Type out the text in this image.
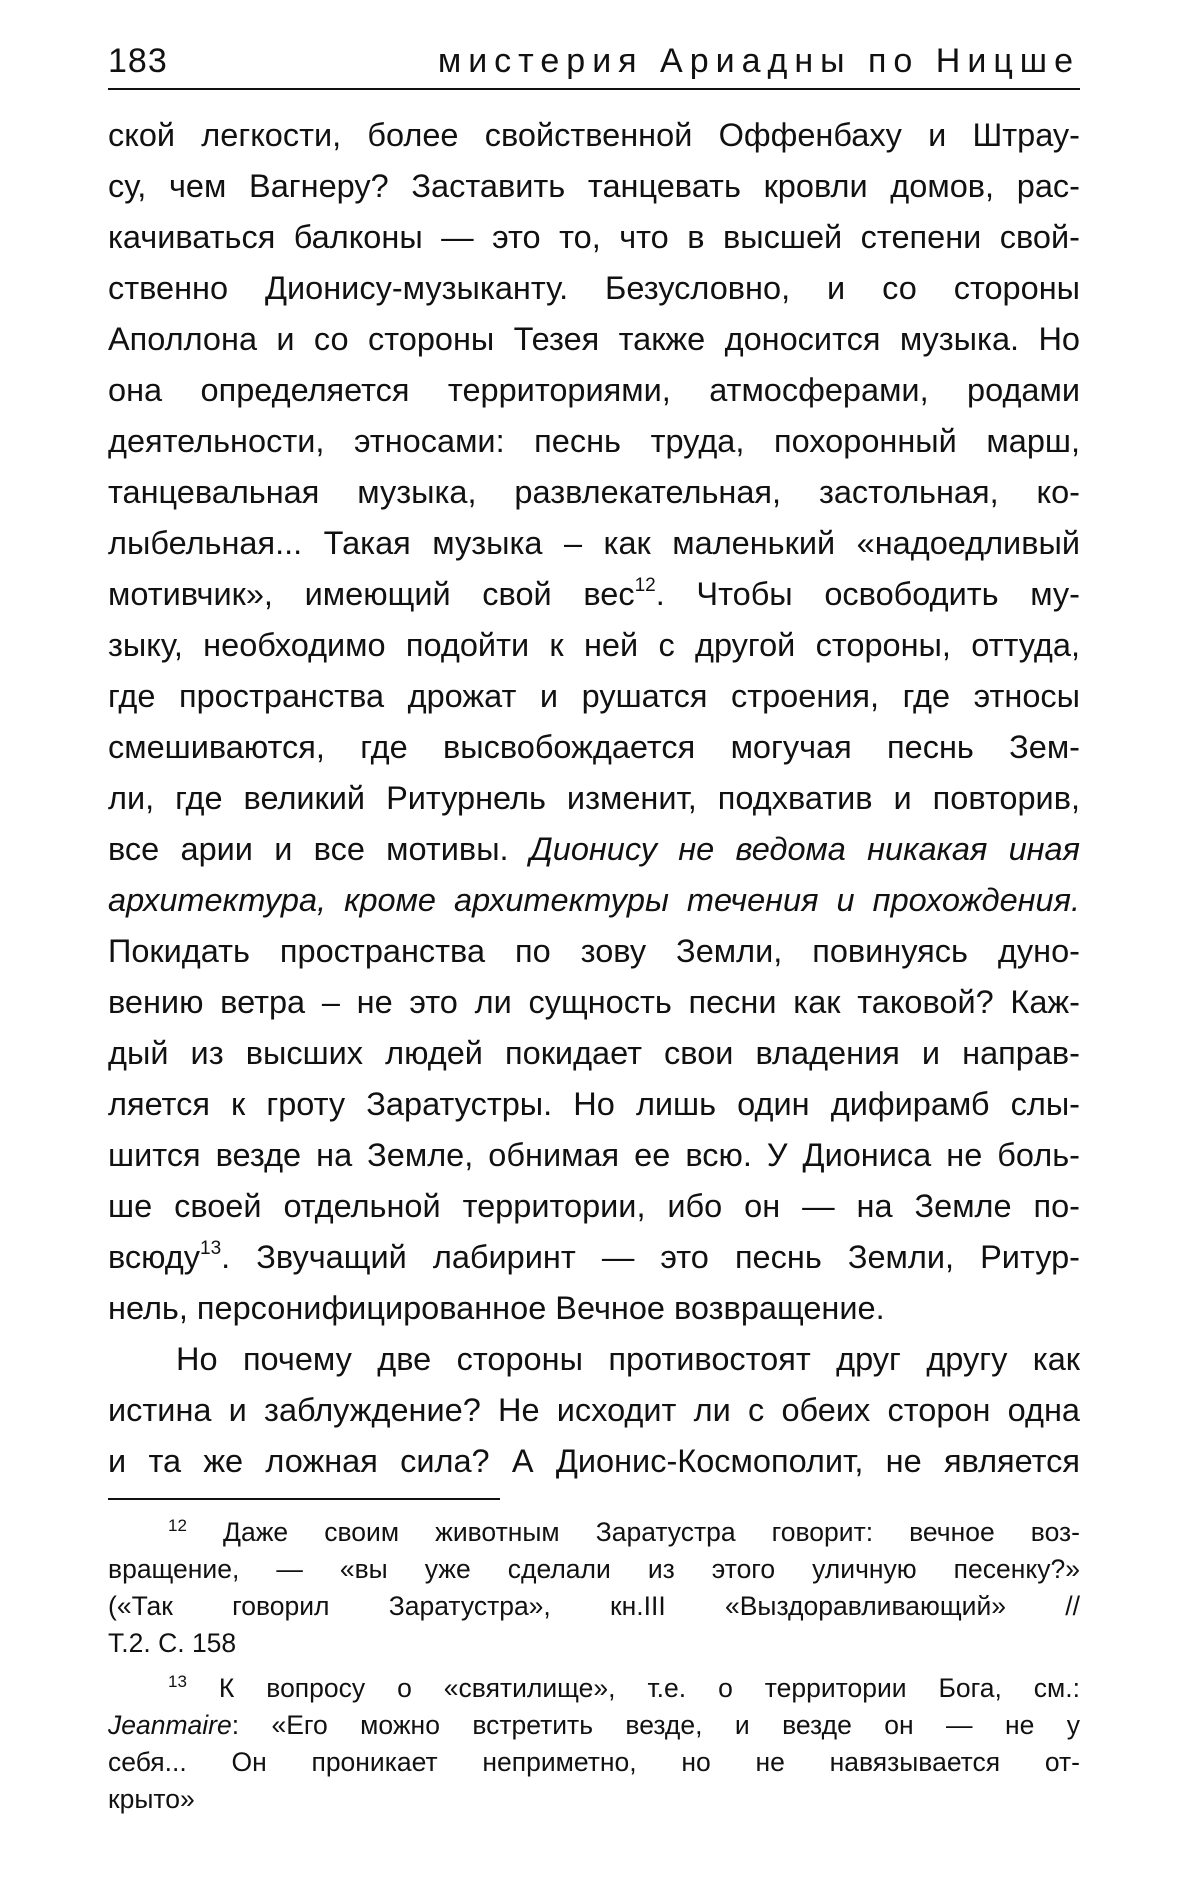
183	мистерия Ариадны по Ницше
ской легкости, более свойственной Оффенбаху и Штрау-
су, чем Вагнеру? Заставить танцевать кровли домов, рас-
качиваться балконы — это то, что в высшей степени свой-
ственно Дионису-музыканту. Безусловно, и со стороны
Аполлона и со стороны Тезея также доносится музыка. Но
она определяется территориями, атмосферами, родами
деятельности, этносами: песнь труда, похоронный марш,
танцевальная музыка, развлекательная, застольная, ко-
лыбельная... Такая музыка – как маленький «надоедливый
мотивчик», имеющий свой вес$^{12}$. Чтобы освободить му-
зыку, необходимо подойти к ней с другой стороны, оттуда,
где пространства дрожат и рушатся строения, где этносы
смешиваются, где высвобождается могучая песнь Зем-
ли, где великий Ритурнель изменит, подхватив и повторив,
все арии и все мотивы. Дионису не ведома никакая иная
архитектура, кроме архитектуры течения и прохождения.
Покидать пространства по зову Земли, повинуясь дуно-
вению ветра – не это ли сущность песни как таковой? Каж-
дый из высших людей покидает свои владения и направ-
ляется к гроту Заратустры. Но лишь один дифирамб слы-
шится везде на Земле, обнимая ее всю. У Диониса не боль-
ше своей отдельной территории, ибо он — на Земле по-
всюду$^{13}$. Звучащий лабиринт — это песнь Земли, Ритур-
нель, персонифицированное Вечное возвращение.
Но почему две стороны противостоят друг другу как
истина и заблуждение? Не исходит ли с обеих сторон одна
и та же ложная сила? А Дионис-Космополит, не является
$^{12}$ Даже своим животным Заратустра говорит: вечное воз-
вращение, — «вы уже сделали из этого уличную песенку?»
(«Так говорил Заратустра», кн.III «Выздоравливающий» //
Т.2. С. 158
$^{13}$ К вопросу о «святилище», т.е. о территории Бога, см.:
Jeanmaire: «Его можно встретить везде, и везде он — не у
себя... Он проникает неприметно, но не навязывается от-
крыто»
